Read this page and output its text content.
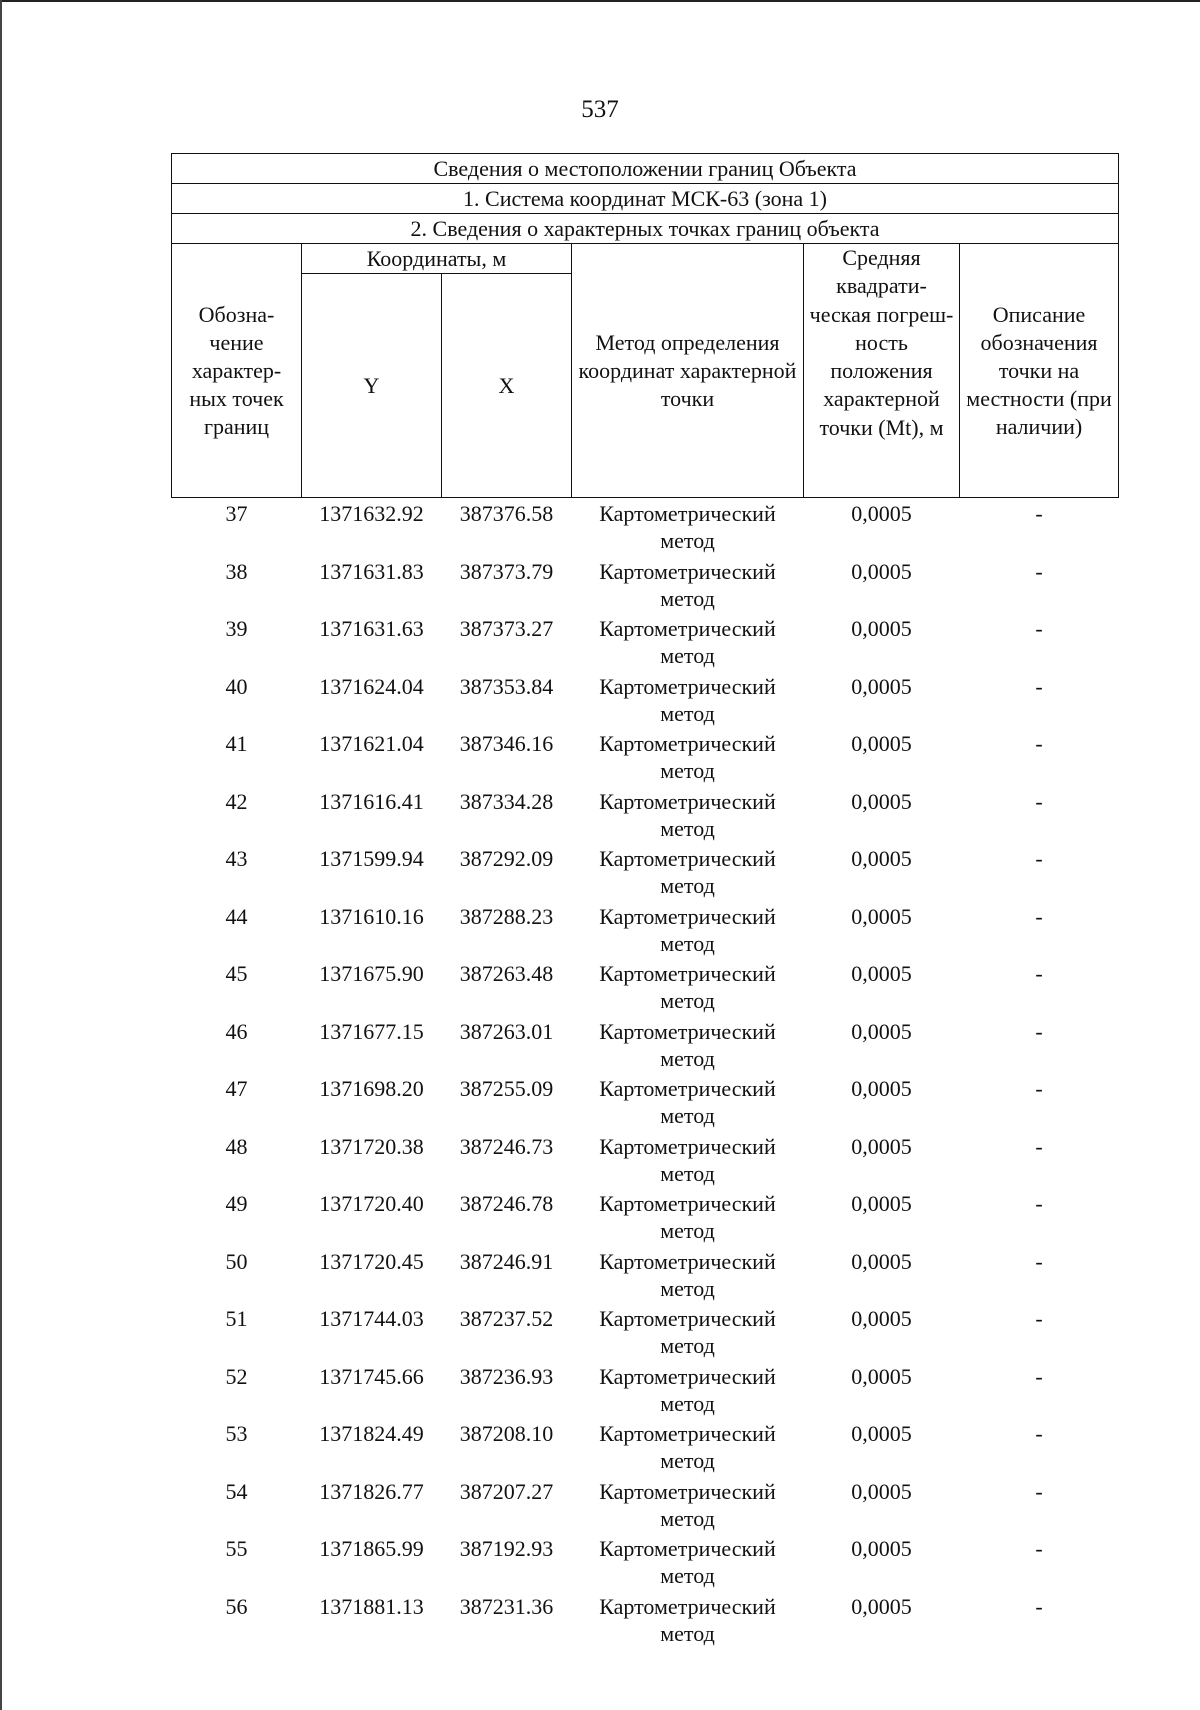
537
Сведения о местоположении границ Объекта					
1. Система координат МСК-63 (зона 1)					
2. Сведения о характерных точках границ объекта					
Обозна- чение характер- ных точек границ	Координаты, м		Метод определения координат характерной точки	Средняя квадрати- ческая погреш- ность положения характерной точки (Mt), м	Описание обозначения точки на местности (при наличии)
	Y	X			
37	1371632.92	387376.58	Картометрический метод	0,0005	-
38	1371631.83	387373.79	Картометрический метод	0,0005	-
39	1371631.63	387373.27	Картометрический метод	0,0005	-
40	1371624.04	387353.84	Картометрический метод	0,0005	-
41	1371621.04	387346.16	Картометрический метод	0,0005	-
42	1371616.41	387334.28	Картометрический метод	0,0005	-
43	1371599.94	387292.09	Картометрический метод	0,0005	-
44	1371610.16	387288.23	Картометрический метод	0,0005	-
45	1371675.90	387263.48	Картометрический метод	0,0005	-
46	1371677.15	387263.01	Картометрический метод	0,0005	-
47	1371698.20	387255.09	Картометрический метод	0,0005	-
48	1371720.38	387246.73	Картометрический метод	0,0005	-
49	1371720.40	387246.78	Картометрический метод	0,0005	-
50	1371720.45	387246.91	Картометрический метод	0,0005	-
51	1371744.03	387237.52	Картометрический метод	0,0005	-
52	1371745.66	387236.93	Картометрический метод	0,0005	-
53	1371824.49	387208.10	Картометрический метод	0,0005	-
54	1371826.77	387207.27	Картометрический метод	0,0005	-
55	1371865.99	387192.93	Картометрический метод	0,0005	-
56	1371881.13	387231.36	Картометрический метод	0,0005	-
